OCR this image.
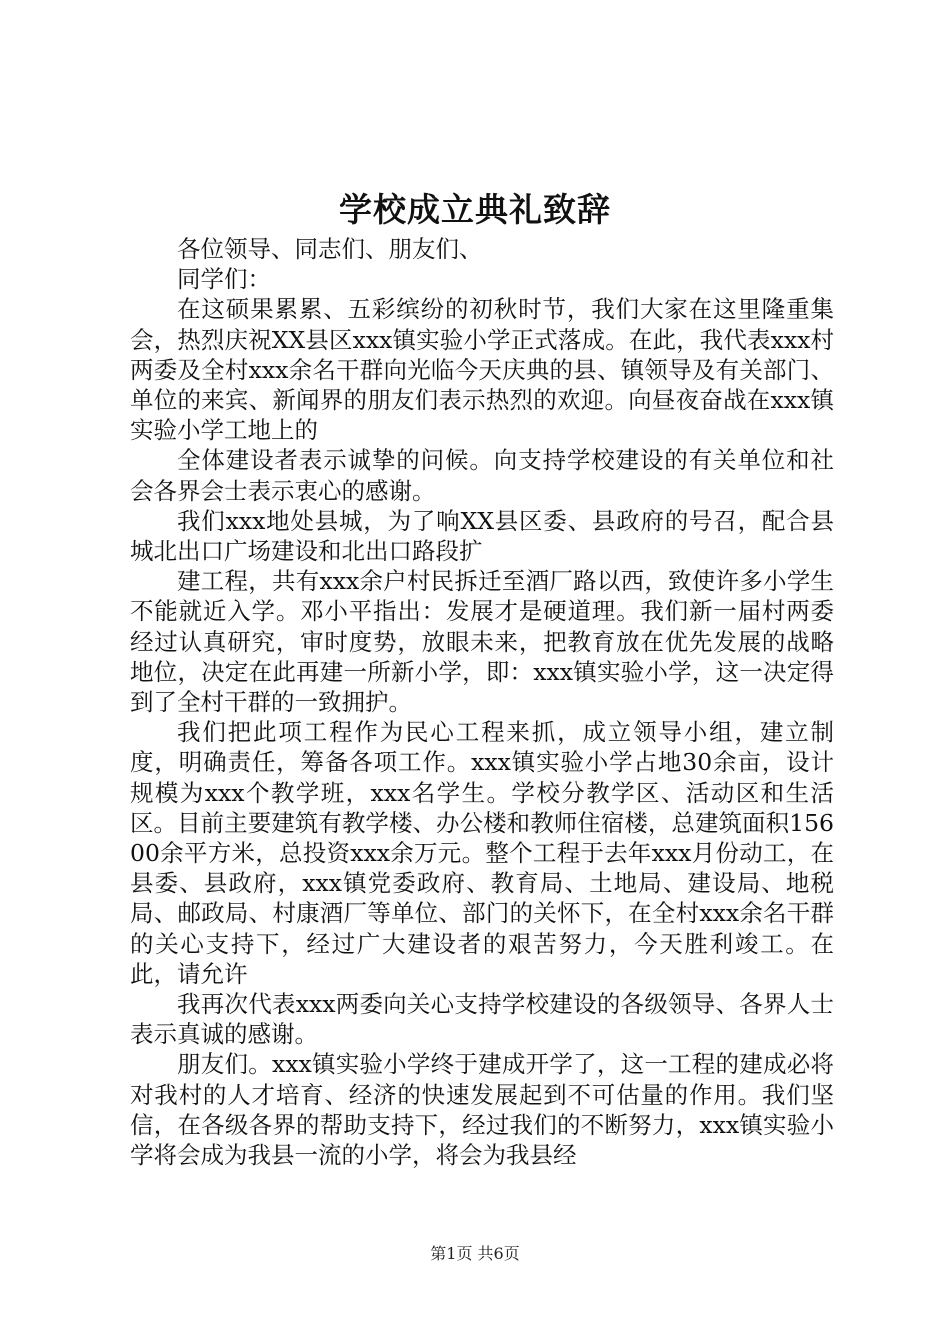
学校成立典礼致辞

各位领导、同志们、朋友们、

同学们：

在这硕果累累、五彩缤纷的初秋时节，我们大家在这里隆重集会，热烈庆祝XX县区xxx镇实验小学正式落成。在此，我代表xxx村两委及全村xxx余名干群向光临今天庆典的县、镇领导及有关部门、单位的来宾、新闻界的朋友们表示热烈的欢迎。向昼夜奋战在xxx镇实验小学工地上的

全体建设者表示诚挚的问候。向支持学校建设的有关单位和社会各界会士表示衷心的感谢。

我们xxx地处县城，为了响XX县区委、县政府的号召，配合县城北出口广场建设和北出口路段扩

建工程，共有xxx余户村民拆迁至酒厂路以西，致使许多小学生不能就近入学。邓小平指出：发展才是硬道理。我们新一届村两委经过认真研究，审时度势，放眼未来，把教育放在优先发展的战略地位，决定在此再建一所新小学，即：xxx镇实验小学，这一决定得到了全村干群的一致拥护。

我们把此项工程作为民心工程来抓，成立领导小组，建立制度，明确责任，筹备各项工作。xxx镇实验小学占地30余亩，设计规模为xxx个教学班，xxx名学生。学校分教学区、活动区和生活区。目前主要建筑有教学楼、办公楼和教师住宿楼，总建筑面积15600余平方米，总投资xxx余万元。整个工程于去年xxx月份动工，在县委、县政府，xxx镇党委政府、教育局、土地局、建设局、地税局、邮政局、村康酒厂等单位、部门的关怀下，在全村xxx余名干群的关心支持下，经过广大建设者的艰苦努力，今天胜利竣工。在此，请允许

我再次代表xxx两委向关心支持学校建设的各级领导、各界人士表示真诚的感谢。

朋友们。xxx镇实验小学终于建成开学了，这一工程的建成必将对我村的人才培育、经济的快速发展起到不可估量的作用。我们坚信，在各级各界的帮助支持下，经过我们的不断努力，xxx镇实验小学将会成为我县一流的小学，将会为我县经

第1页 共6页
